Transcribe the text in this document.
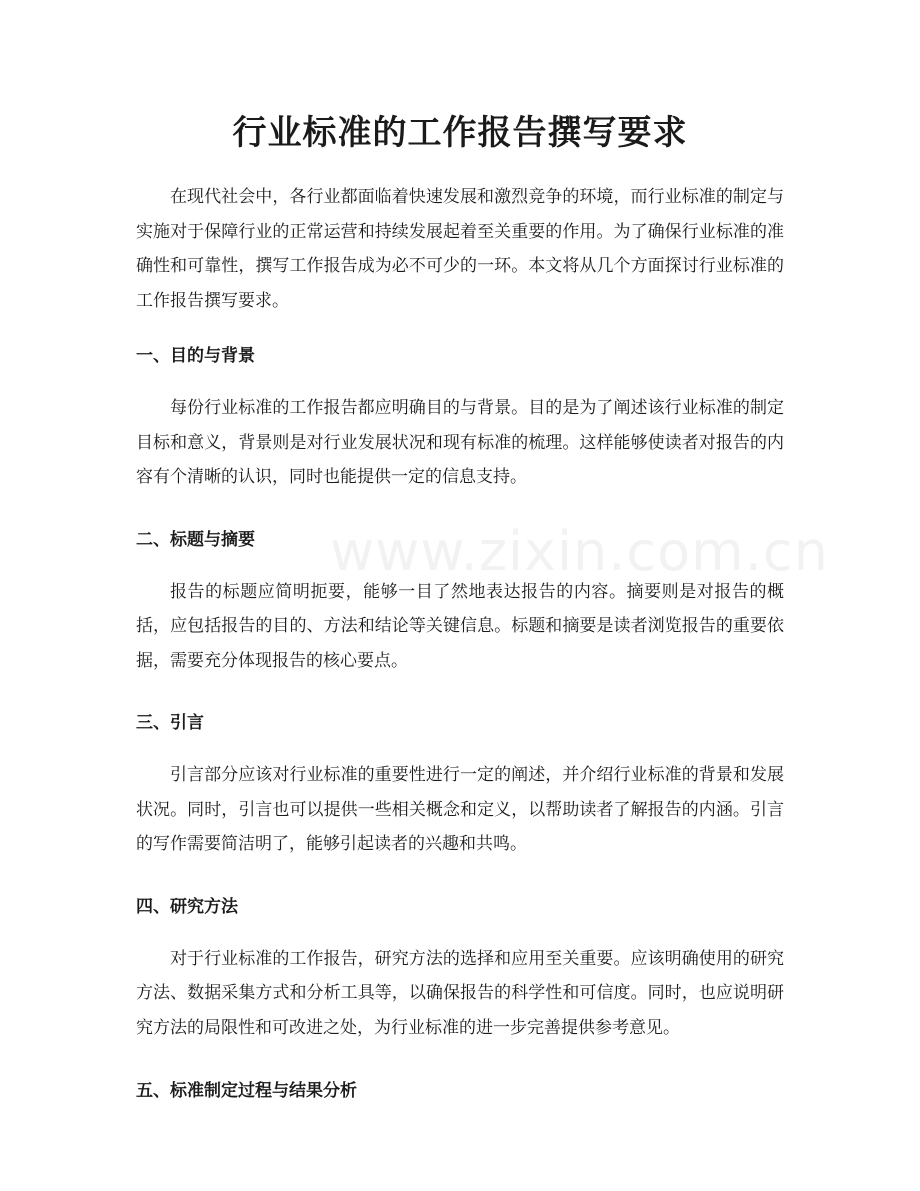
行业标准的工作报告撰写要求

在现代社会中，各行业都面临着快速发展和激烈竞争的环境，而行业标准的制定与实施对于保障行业的正常运营和持续发展起着至关重要的作用。为了确保行业标准的准确性和可靠性，撰写工作报告成为必不可少的一环。本文将从几个方面探讨行业标准的工作报告撰写要求。

一、目的与背景

每份行业标准的工作报告都应明确目的与背景。目的是为了阐述该行业标准的制定目标和意义，背景则是对行业发展状况和现有标准的梳理。这样能够使读者对报告的内容有个清晰的认识，同时也能提供一定的信息支持。

二、标题与摘要

报告的标题应简明扼要，能够一目了然地表达报告的内容。摘要则是对报告的概括，应包括报告的目的、方法和结论等关键信息。标题和摘要是读者浏览报告的重要依据，需要充分体现报告的核心要点。

三、引言

引言部分应该对行业标准的重要性进行一定的阐述，并介绍行业标准的背景和发展状况。同时，引言也可以提供一些相关概念和定义，以帮助读者了解报告的内涵。引言的写作需要简洁明了，能够引起读者的兴趣和共鸣。

四、研究方法

对于行业标准的工作报告，研究方法的选择和应用至关重要。应该明确使用的研究方法、数据采集方式和分析工具等，以确保报告的科学性和可信度。同时，也应说明研究方法的局限性和可改进之处，为行业标准的进一步完善提供参考意见。

五、标准制定过程与结果分析
www.zixin.com.cn
